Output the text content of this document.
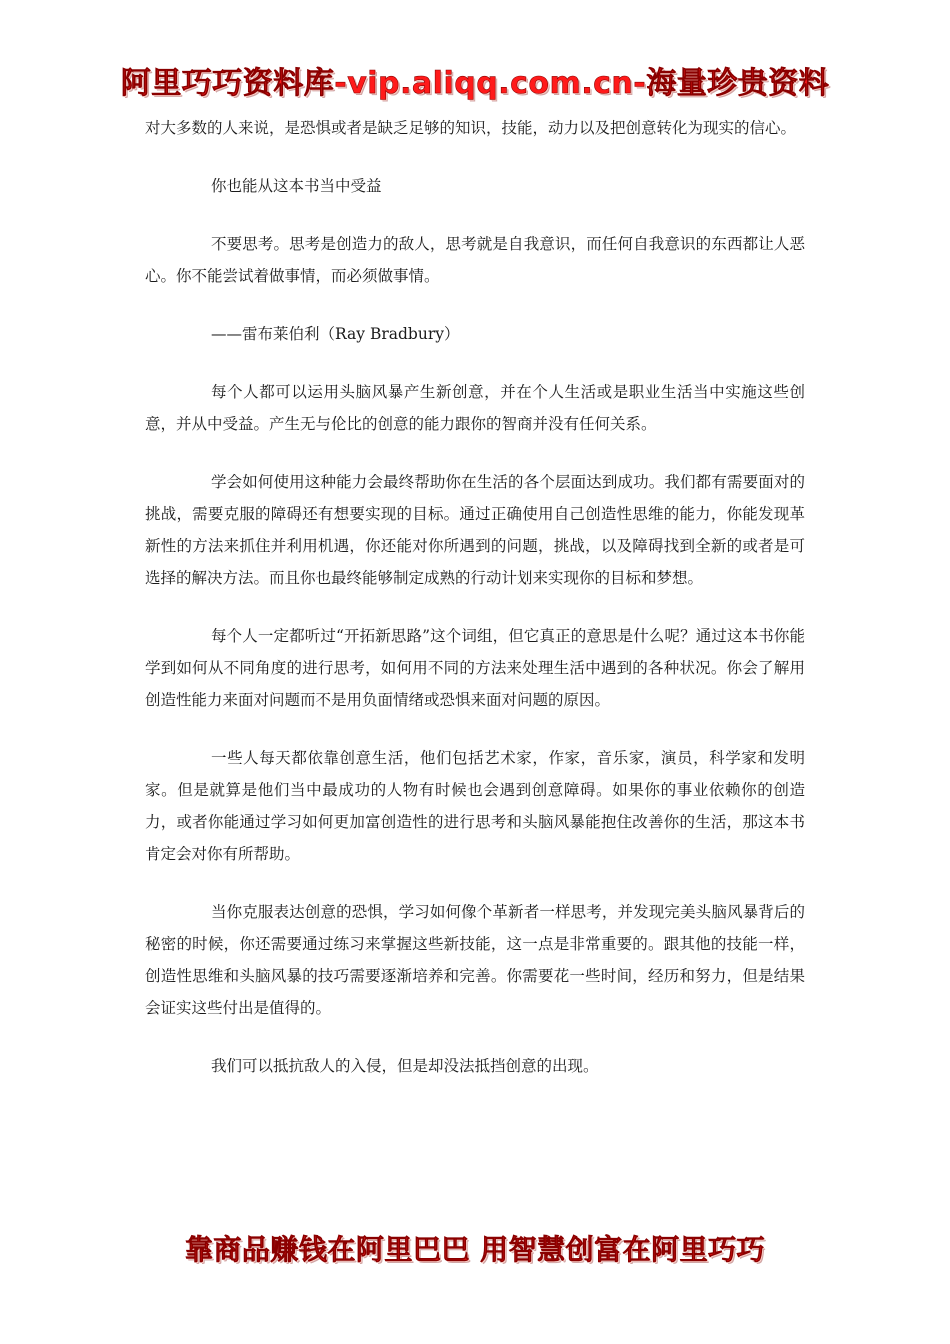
阿里巧巧资料库-vip.aliqq.com.cn-海量珍贵资料

对大多数的人来说，是恐惧或者是缺乏足够的知识，技能，动力以及把创意转化为现实的信心。

你也能从这本书当中受益

不要思考。思考是创造力的敌人，思考就是自我意识，而任何自我意识的东西都让人恶心。你不能尝试着做事情，而必须做事情。

——雷布莱伯利（Ray Bradbury）

每个人都可以运用头脑风暴产生新创意，并在个人生活或是职业生活当中实施这些创意，并从中受益。产生无与伦比的创意的能力跟你的智商并没有任何关系。

学会如何使用这种能力会最终帮助你在生活的各个层面达到成功。我们都有需要面对的挑战，需要克服的障碍还有想要实现的目标。通过正确使用自己创造性思维的能力，你能发现革新性的方法来抓住并利用机遇，你还能对你所遇到的问题，挑战，以及障碍找到全新的或者是可选择的解决方法。而且你也最终能够制定成熟的行动计划来实现你的目标和梦想。

每个人一定都听过“开拓新思路”这个词组，但它真正的意思是什么呢？通过这本书你能学到如何从不同角度的进行思考，如何用不同的方法来处理生活中遇到的各种状况。你会了解用创造性能力来面对问题而不是用负面情绪或恐惧来面对问题的原因。

一些人每天都依靠创意生活，他们包括艺术家，作家，音乐家，演员，科学家和发明家。但是就算是他们当中最成功的人物有时候也会遇到创意障碍。如果你的事业依赖你的创造力，或者你能通过学习如何更加富创造性的进行思考和头脑风暴能抱住改善你的生活，那这本书肯定会对你有所帮助。

当你克服表达创意的恐惧，学习如何像个革新者一样思考，并发现完美头脑风暴背后的秘密的时候，你还需要通过练习来掌握这些新技能，这一点是非常重要的。跟其他的技能一样，创造性思维和头脑风暴的技巧需要逐渐培养和完善。你需要花一些时间，经历和努力，但是结果会证实这些付出是值得的。

我们可以抵抗敌人的入侵，但是却没法抵挡创意的出现。

靠商品赚钱在阿里巴巴 用智慧创富在阿里巧巧
